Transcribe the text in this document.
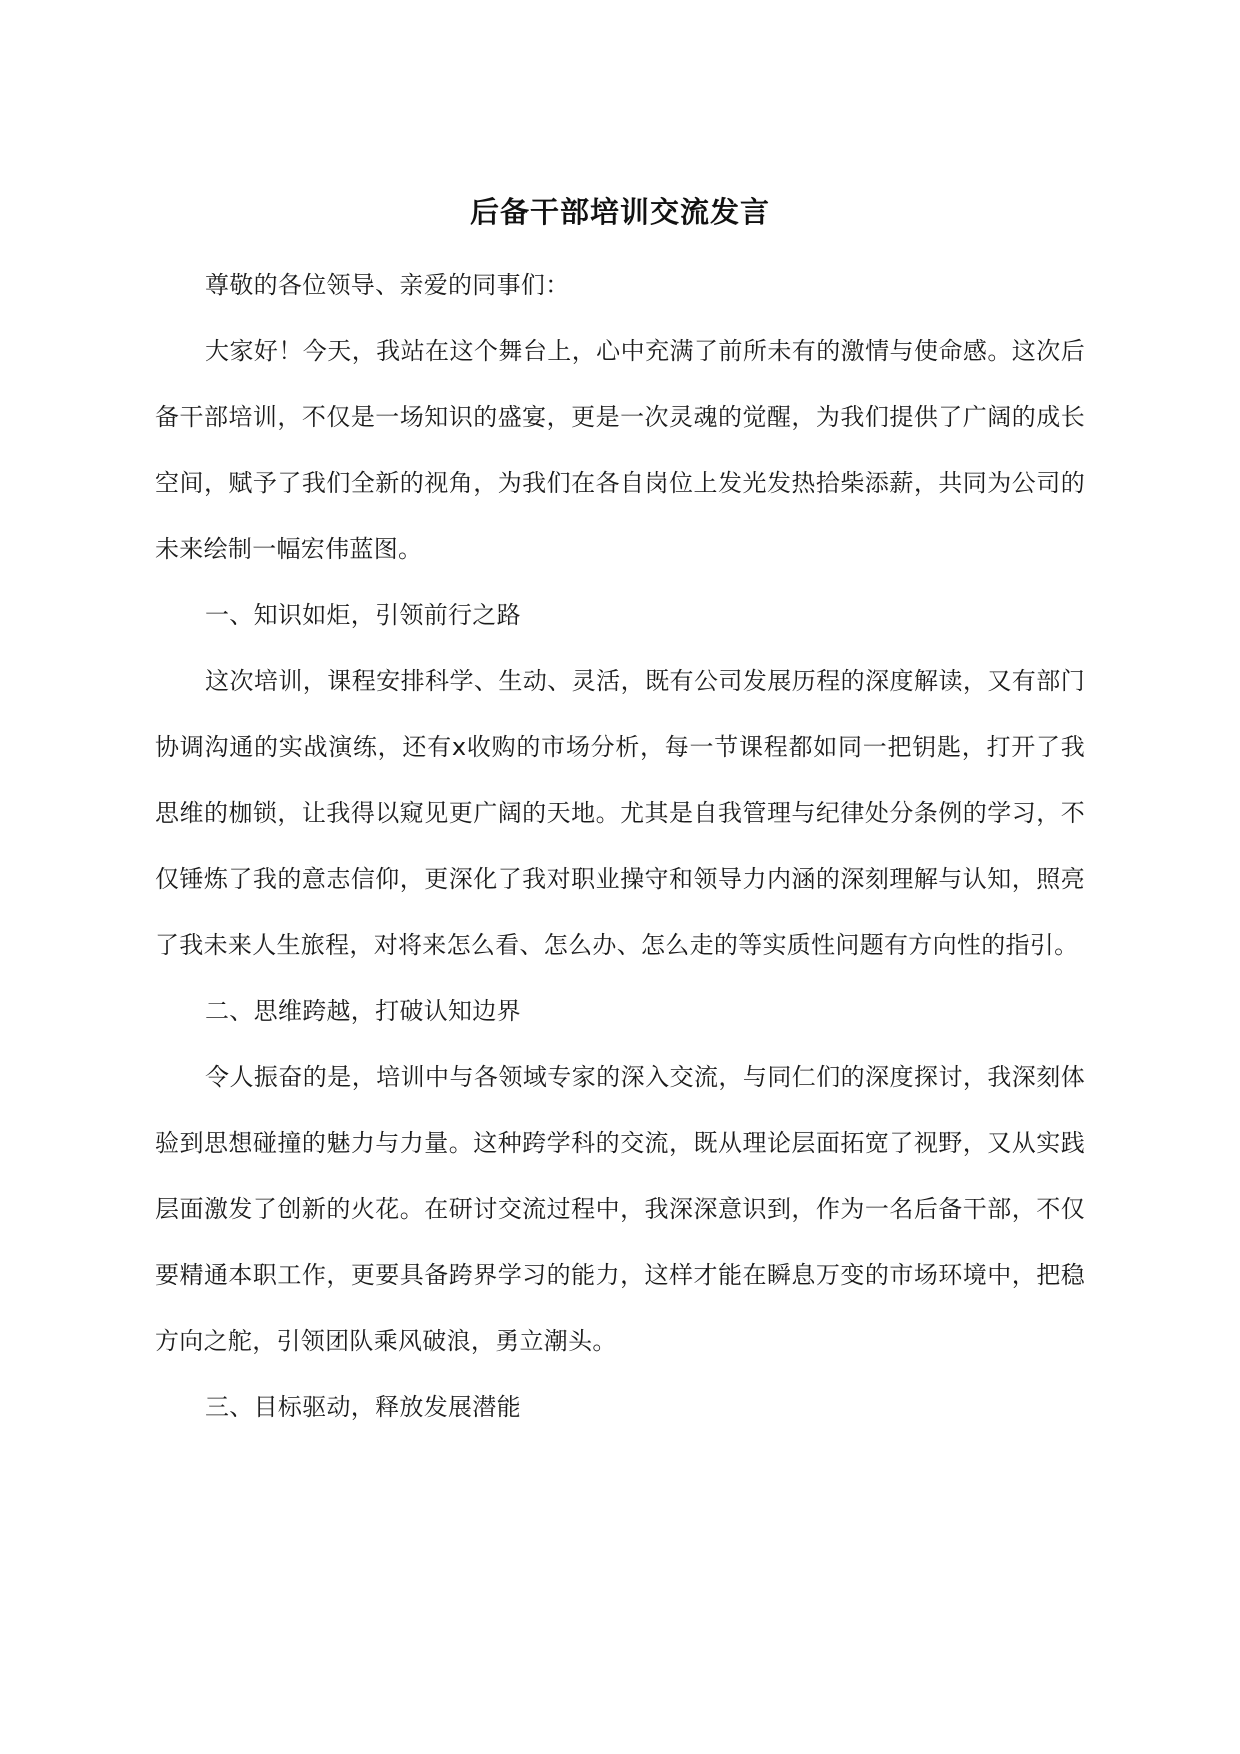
后备干部培训交流发言

尊敬的各位领导、亲爱的同事们：

大家好！今天，我站在这个舞台上，心中充满了前所未有的激情与使命感。这次后备干部培训，不仅是一场知识的盛宴，更是一次灵魂的觉醒，为我们提供了广阔的成长空间，赋予了我们全新的视角，为我们在各自岗位上发光发热拾柴添薪，共同为公司的未来绘制一幅宏伟蓝图。

一、知识如炬，引领前行之路

这次培训，课程安排科学、生动、灵活，既有公司发展历程的深度解读，又有部门协调沟通的实战演练，还有x收购的市场分析，每一节课程都如同一把钥匙，打开了我思维的枷锁，让我得以窥见更广阔的天地。尤其是自我管理与纪律处分条例的学习，不仅锤炼了我的意志信仰，更深化了我对职业操守和领导力内涵的深刻理解与认知，照亮了我未来人生旅程，对将来怎么看、怎么办、怎么走的等实质性问题有方向性的指引。

二、思维跨越，打破认知边界

令人振奋的是，培训中与各领域专家的深入交流，与同仁们的深度探讨，我深刻体验到思想碰撞的魅力与力量。这种跨学科的交流，既从理论层面拓宽了视野，又从实践层面激发了创新的火花。在研讨交流过程中，我深深意识到，作为一名后备干部，不仅要精通本职工作，更要具备跨界学习的能力，这样才能在瞬息万变的市场环境中，把稳方向之舵，引领团队乘风破浪，勇立潮头。

三、目标驱动，释放发展潜能
